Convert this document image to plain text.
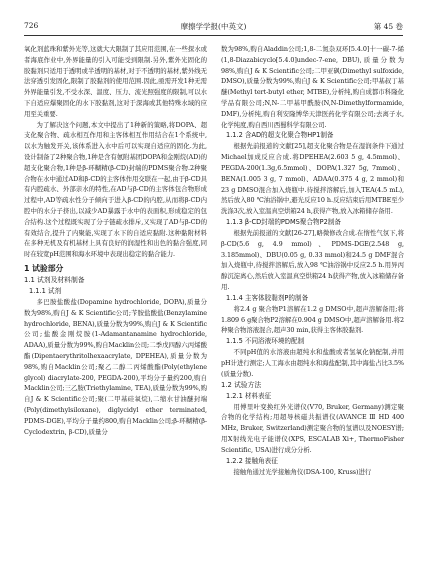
726	摩擦学学报(中英文)	第 45 卷

氧化剂蓝珠和紫外光等,这就大大限制了其应用范围,在一些探水或者海底作业中,外界能量的引入可能受到限制.另外,紫外光固化的胶黏剂只适用于透明或半透明的基材,对于不透明的基材,紫外线无法穿透引发固化,限制了胶黏剂的使用范围.因此,亟需开发1种无需外界能量引发,不受水深、温度、压力、流光照强度的限制,可以水下自适应爆聚固化的水下胶黏剂,这对于深海或其他特殊水域的应用至关重要.

为了解决这个问题,本文中提出了1种新的策略,将DOPA、超支化聚合物、疏水相互作用和主客体相互作用结合在1个系统中,以水为触发开关,该体系进入水中后可以实现自适应的固化.为此,设计制备了2种聚合物,1种是含有氨附基团DOPA和金刚烷(AD)的超支化聚合物,1种是β-环糊精(β-CD)封端的PDMS聚合物.2种聚合物在水中通过AD和β-CD的主客体作用交联在一起,由于β-CD具有内腔疏水、外部亲水的特性,在AD与β-CD的主客体包合物形成过程中,AD等疏水性分子倾向于进入β-CD的内腔,从而将β-CD内腔中的水分子挤出,以减少AD暴露于水中的表面积,形成稳定的包合结构.这个过程既实现了分子链疏水排斥,又实现了AD与β-CD的有效结合,提升了内聚能,实现了水下的自适应黏附.这种黏附材料在多种无机及有机基材上具有良好的润湿性和出色的黏合强度,同时在较宽pH范围和海水环境中表现出稳定的黏合能力.

1 试验部分
1.1 试剂及材料制备
1.1.1 试剂

多巴胺盐酸盐(Dopamine hydrochloride, DOPA),质量分数为98%,购自J & K Scientific公司;苄胺盐酸盐(Benzylamine hydrochloride, BENA),质量分数为99%,购自J & K Scientific公司;盐酸金刚烷胺(1-Adamantanamine hydrochloride, ADAA),质量分数为99%,购自Macklin公司;二季戊四醇六丙烯酸酯(Dipentaerythritolhexaacrylate, DPEHEA),质量分数为98%,购自Macklin公司;聚乙二醇二丙烯酸酯(Poly(ethylene glycol) diacrylate-200, PEGDA-200),平均分子量约200,购自Macklin公司;三乙胺(Triethylamine, TEA),质量分数为99%,购自J & K Scientific公司;聚(二甲基硅氧烷),二缩水甘油醚封端(Poly(dimethylsiloxane), diglycidyl ether terminated, PDMS-DGE),平均分子量约800,购自Macklin公司;β-环糊精(β-Cyclodextrin, β-CD),质量分

数为98%,购自Aladdin公司;1,8-二氮杂双环[5.4.0]十一碳-7-烯(1,8-Diazabicyclo[5.4.0]undec-7-ene, DBU),质量分数为98%,购自J & K Scientific公司;二甲亚砜(Dimethyl sulfoxide, DMSO),质量分数为99%,购自J & K Scientific公司;甲基叔丁基醚(Methyl tert-butyl ether, MTBE),分析纯,购自成都市科隆化学品有限公司;N,N-二甲基甲酰胺(N,N-Dimethylformamide, DMF),分析纯,购自利安隆博华天津医药化学有限公司;去离子水,化学纯度,购自西川西蜀科学有限公司.

1.1.2 含AD的超支化聚合物HP1制备

根据先前报道的文献[25],超支化聚合物是在湿润条件下通过Michael加成反应合成.将DPEHEA(2.603 5 g, 4.5mmol)、PEGDA-200(1.3g,6.5mmol)、DOPA(1.327 5g, 7mmol)、BENA(1.005 3 g, 7 mmol)、ADAA(0.375 4 g, 2 mmol)和23 g DMSO混合加入烧瓶中.待搅拌溶解后,加入TEA(4.5 mL),然后放入80 ℃油浴锅中,避光反应10 h.反应结束后用MTBE至少洗涤3次,放入室温真空烘箱24 h,获得产物,放入冰箱储存备用.

1.1.3 β-CD封端的PDMS聚合物P2制备

根据先前报道的文献[26-27],略微修改合成.在惰性气氛下,将β-CD(5.6 g, 4.9 mmol)、PDMS-DGE(2.548 g, 3.185mmol)、DBU(0.05 g, 0.33 mmol)和24.5 g DMF混合加入烧瓶中,待搅拌溶解后,放入98 ℃油浴锅中反应2.5 h.用异丙醇沉淀离心,然后放入室温真空烘箱24 h获得产物,放入冰箱储存备用.

1.1.4 主客体胶黏剂P的制备

将2.4 g 聚合物P1溶解在1.2 g DMSO中,超声溶解备用;将1.809 6 g聚合物P2溶解在0.904 g DMSO中,超声溶解备用.将2种聚合物溶液混合,超声30 min,获得主客体胶黏剂.

1.1.5 不同浴液环境的配制

不同pH值的水溶液由超纯水和盐酸或者氢氧化钠配制,并用pH计进行测定;人工海水由超纯水和海盐配制,其中海盐占比3.5%(质量分数).

1.2 试验方法
1.2.1 材料表征

用傅里叶变换红外光谱仪(V70, Bruker, Germany)测定聚合物的化学结构;用超导核磁共振谱仪(AVANCE Ⅲ HD 400 MHz, Bruker, Switzerland)测定聚合物的氢谱以及NOESY谱;用X射线光电子能谱仪(XPS, ESCALAB Xi+, ThermoFisher Scientific, USA)进行成分分析.

1.2.2 接触角表征

接触角通过光学接触角仪(DSA-100, Kruss)进行
